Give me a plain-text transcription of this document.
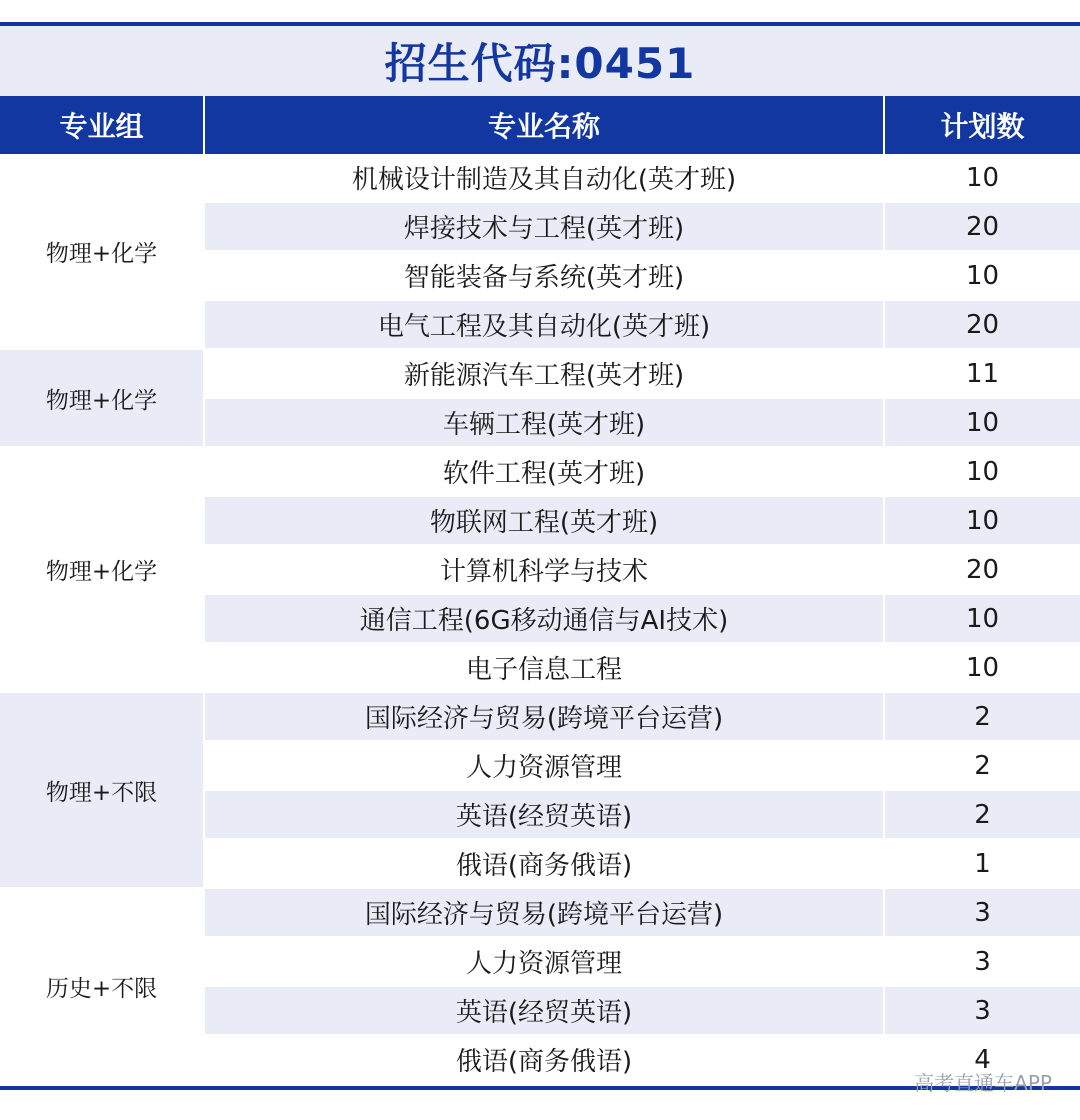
招生代码:0451
专业组	专业名称	计划数
物理+化学	机械设计制造及其自动化(英才班)	10
	焊接技术与工程(英才班)	20
	智能装备与系统(英才班)	10
	电气工程及其自动化(英才班)	20
物理+化学	新能源汽车工程(英才班)	11
	车辆工程(英才班)	10
物理+化学	软件工程(英才班)	10
	物联网工程(英才班)	10
	计算机科学与技术	20
	通信工程(6G移动通信与AI技术)	10
	电子信息工程	10
物理+不限	国际经济与贸易(跨境平台运营)	2
	人力资源管理	2
	英语(经贸英语)	2
	俄语(商务俄语)	1
历史+不限	国际经济与贸易(跨境平台运营)	3
	人力资源管理	3
	英语(经贸英语)	3
	俄语(商务俄语)	4
高考直通车APP
